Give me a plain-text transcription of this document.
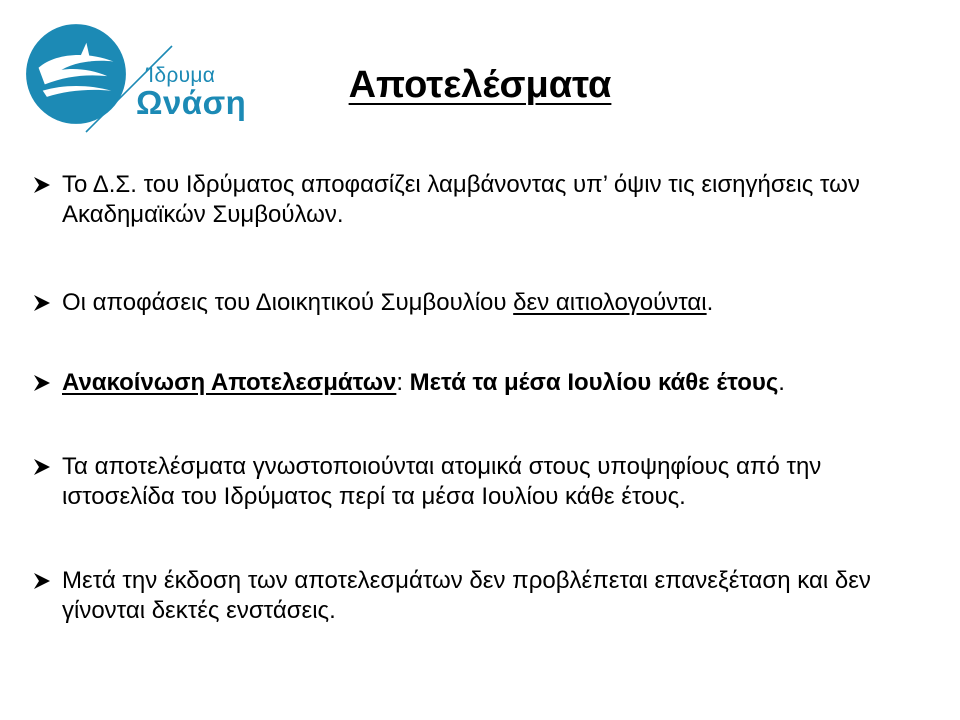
Ίδρυμα
Ωνάση	Αποτελέσματα
Το Δ.Σ. του Ιδρύματος αποφασίζει λαμβάνοντας υπ’ όψιν τις εισηγήσεις των Ακαδημαϊκών Συμβούλων.
Οι αποφάσεις του Διοικητικού Συμβουλίου δεν αιτιολογούνται.
Ανακοίνωση Αποτελεσμάτων: Μετά τα μέσα Ιουλίου κάθε έτους.
Τα αποτελέσματα γνωστοποιούνται ατομικά στους υποψηφίους από την ιστοσελίδα του Ιδρύματος περί τα μέσα Ιουλίου κάθε έτους.
Μετά την έκδοση των αποτελεσμάτων δεν προβλέπεται επανεξέταση και δεν γίνονται δεκτές ενστάσεις.
